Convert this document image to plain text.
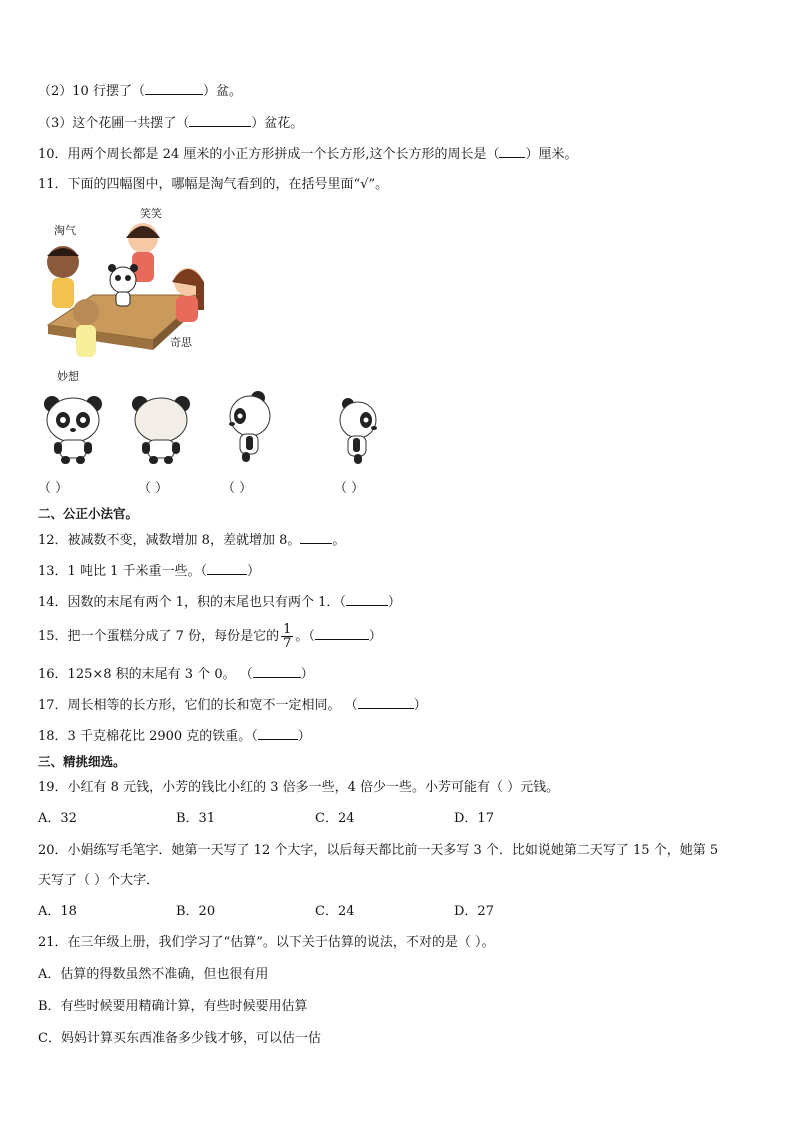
（2）10 行摆了（	）盆。
（3）这个花圃一共摆了（	）盆花。
10．用两个周长都是 24 厘米的小正方形拼成一个长方形,这个长方形的周长是（ ）厘米。
11．下面的四幅图中，哪幅是淘气看到的，在括号里面“√”。
淘气
笑笑
奇思
妙想
（ ）	（ ）	（ ）	（ ）
二、公正小法官。
12．被减数不变，减数增加 8，差就增加 8。 。
13．1 吨比 1 千米重一些。（	）
14．因数的末尾有两个 1，积的末尾也只有两个 1．（	）
15．把一个蛋糕分成了 7 份，每份是它的 $\frac{1}{7}$ 。（	）
16．125×8 积的末尾有 3 个 0。 （	）
17．周长相等的长方形，它们的长和宽不一定相同。 （	）
18．3 千克棉花比 2900 克的铁重。（	）
三、精挑细选。
19．小红有 8 元钱，小芳的钱比小红的 3 倍多一些，4 倍少一些。小芳可能有（ ）元钱。
A．32	B．31	C．24	D．17
20．小娟练写毛笔字．她第一天写了 12 个大字，以后每天都比前一天多写 3 个．比如说她第二天写了 15 个，她第 5
天写了（ ）个大字．
A．18	B．20	C．24	D．27
21．在三年级上册，我们学习了“估算”。以下关于估算的说法，不对的是（ ）。
A．估算的得数虽然不准确，但也很有用
B．有些时候要用精确计算，有些时候要用估算
C．妈妈计算买东西准备多少钱才够，可以估一估
